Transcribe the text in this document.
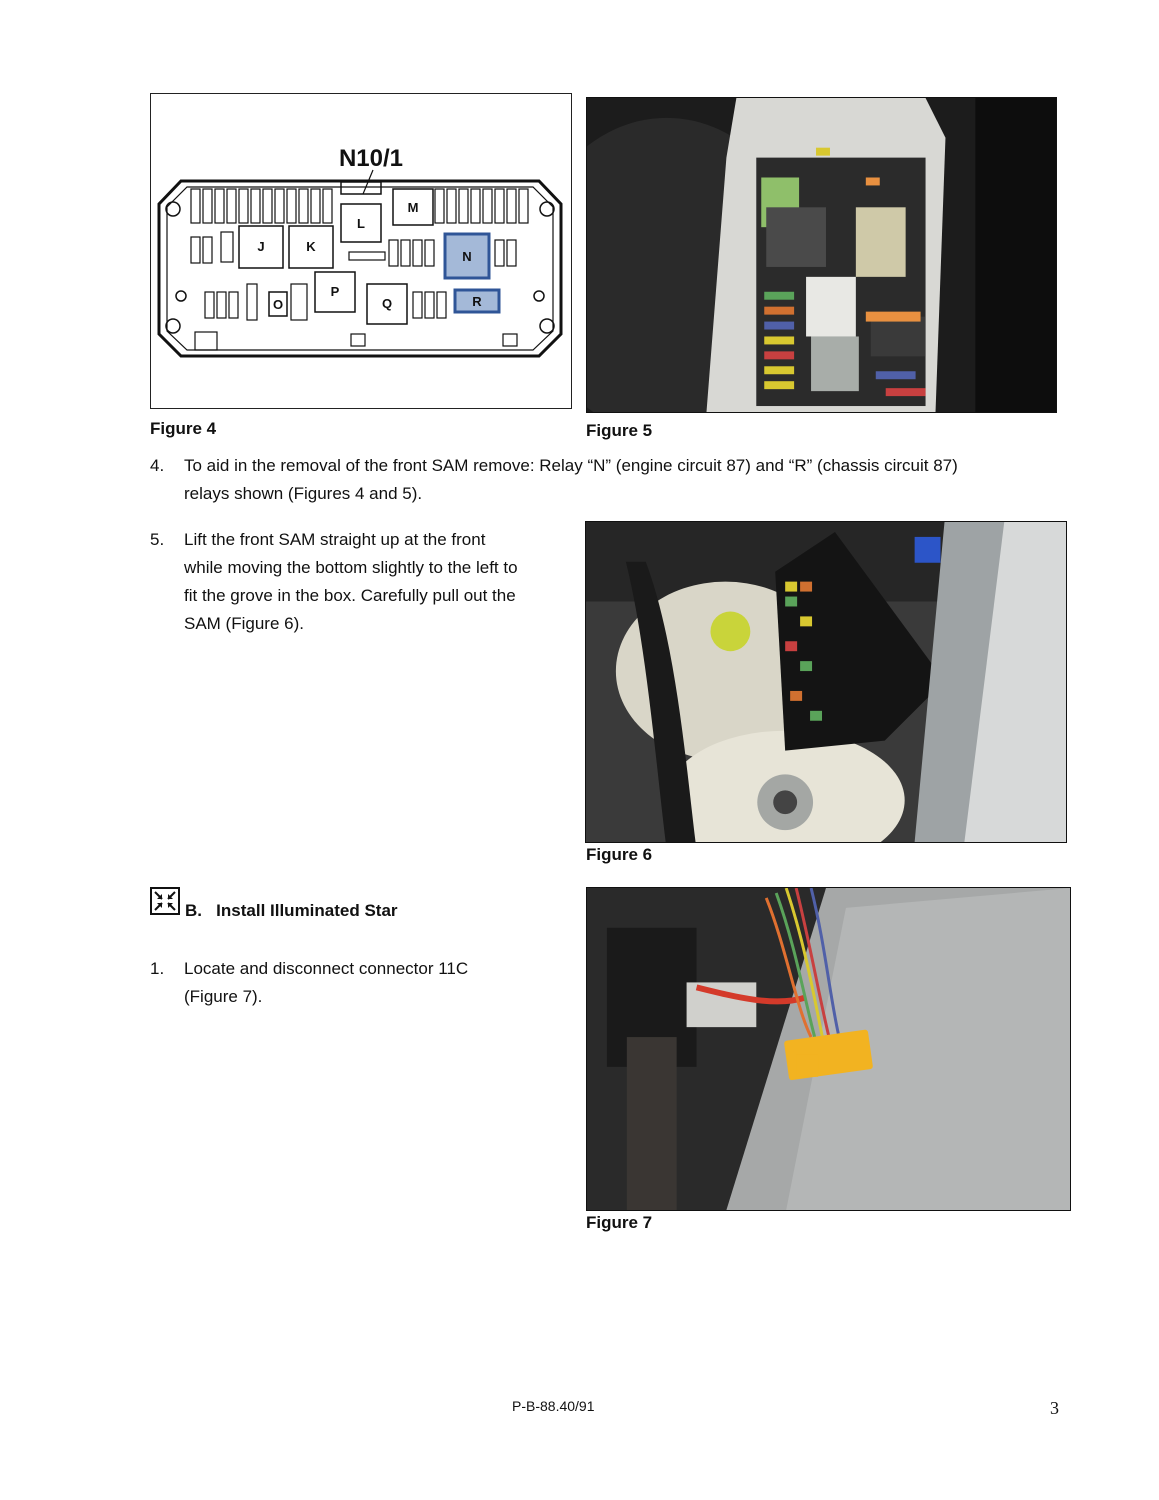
N10/1
L
M
J	K
N
P
Q
O	R
Figure 4	Figure 5
4. To aid in the removal of the front SAM remove: Relay “N” (engine circuit 87) and “R” (chassis circuit 87)
relays shown (Figures 4 and 5).
5. Lift the front SAM straight up at the front
while moving the bottom slightly to the left to
fit the grove in the box. Carefully pull out the
SAM (Figure 6).
Figure 6
B.   Install Illuminated Star
1. Locate and disconnect connector 11C
(Figure 7).
Figure 7
P-B-88.40/91	3
